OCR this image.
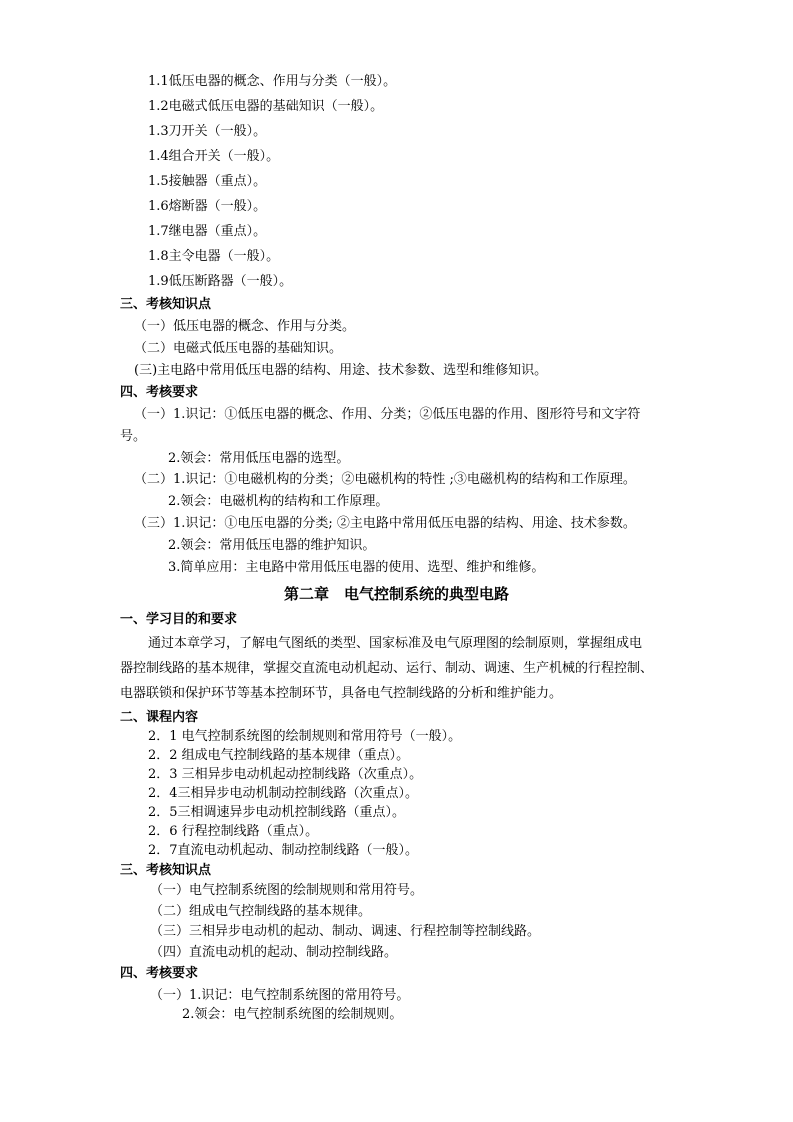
1.1低压电器的概念、作用与分类（一般）。
1.2电磁式低压电器的基础知识（一般）。
1.3刀开关（一般）。
1.4组合开关（一般）。
1.5接触器（重点）。
1.6熔断器（一般）。
1.7继电器（重点）。
1.8主令电器（一般）。
1.9低压断路器（一般）。
三、考核知识点
（一）低压电器的概念、作用与分类。
（二）电磁式低压电器的基础知识。
(三)主电路中常用低压电器的结构、用途、技术参数、选型和维修知识。
四、考核要求
（一）1.识记：①低压电器的概念、作用、分类；②低压电器的作用、图形符号和文字符
号。
2.领会：常用低压电器的选型。
（二）1.识记：①电磁机构的分类；②电磁机构的特性 ;③电磁机构的结构和工作原理。
2.领会：电磁机构的结构和工作原理。
（三）1.识记：①电压电器的分类; ②主电路中常用低压电器的结构、用途、技术参数。
2.领会：常用低压电器的维护知识。
3.简单应用：主电路中常用低压电器的使用、选型、维护和维修。
第二章　电气控制系统的典型电路
一、学习目的和要求
通过本章学习，了解电气图纸的类型、国家标准及电气原理图的绘制原则，掌握组成电
器控制线路的基本规律，掌握交直流电动机起动、运行、制动、调速、生产机械的行程控制、
电器联锁和保护环节等基本控制环节，具备电气控制线路的分析和维护能力。
二、课程内容
2．1 电气控制系统图的绘制规则和常用符号（一般）。
2．2 组成电气控制线路的基本规律（重点）。
2．3 三相异步电动机起动控制线路（次重点）。
2．4三相异步电动机制动控制线路（次重点）。
2．5三相调速异步电动机控制线路（重点）。
2．6 行程控制线路（重点）。
2．7直流电动机起动、制动控制线路（一般）。
三、考核知识点
（一）电气控制系统图的绘制规则和常用符号。
（二）组成电气控制线路的基本规律。
（三）三相异步电动机的起动、制动、调速、行程控制等控制线路。
（四）直流电动机的起动、制动控制线路。
四、考核要求
（一）1.识记：电气控制系统图的常用符号。
2.领会：电气控制系统图的绘制规则。
